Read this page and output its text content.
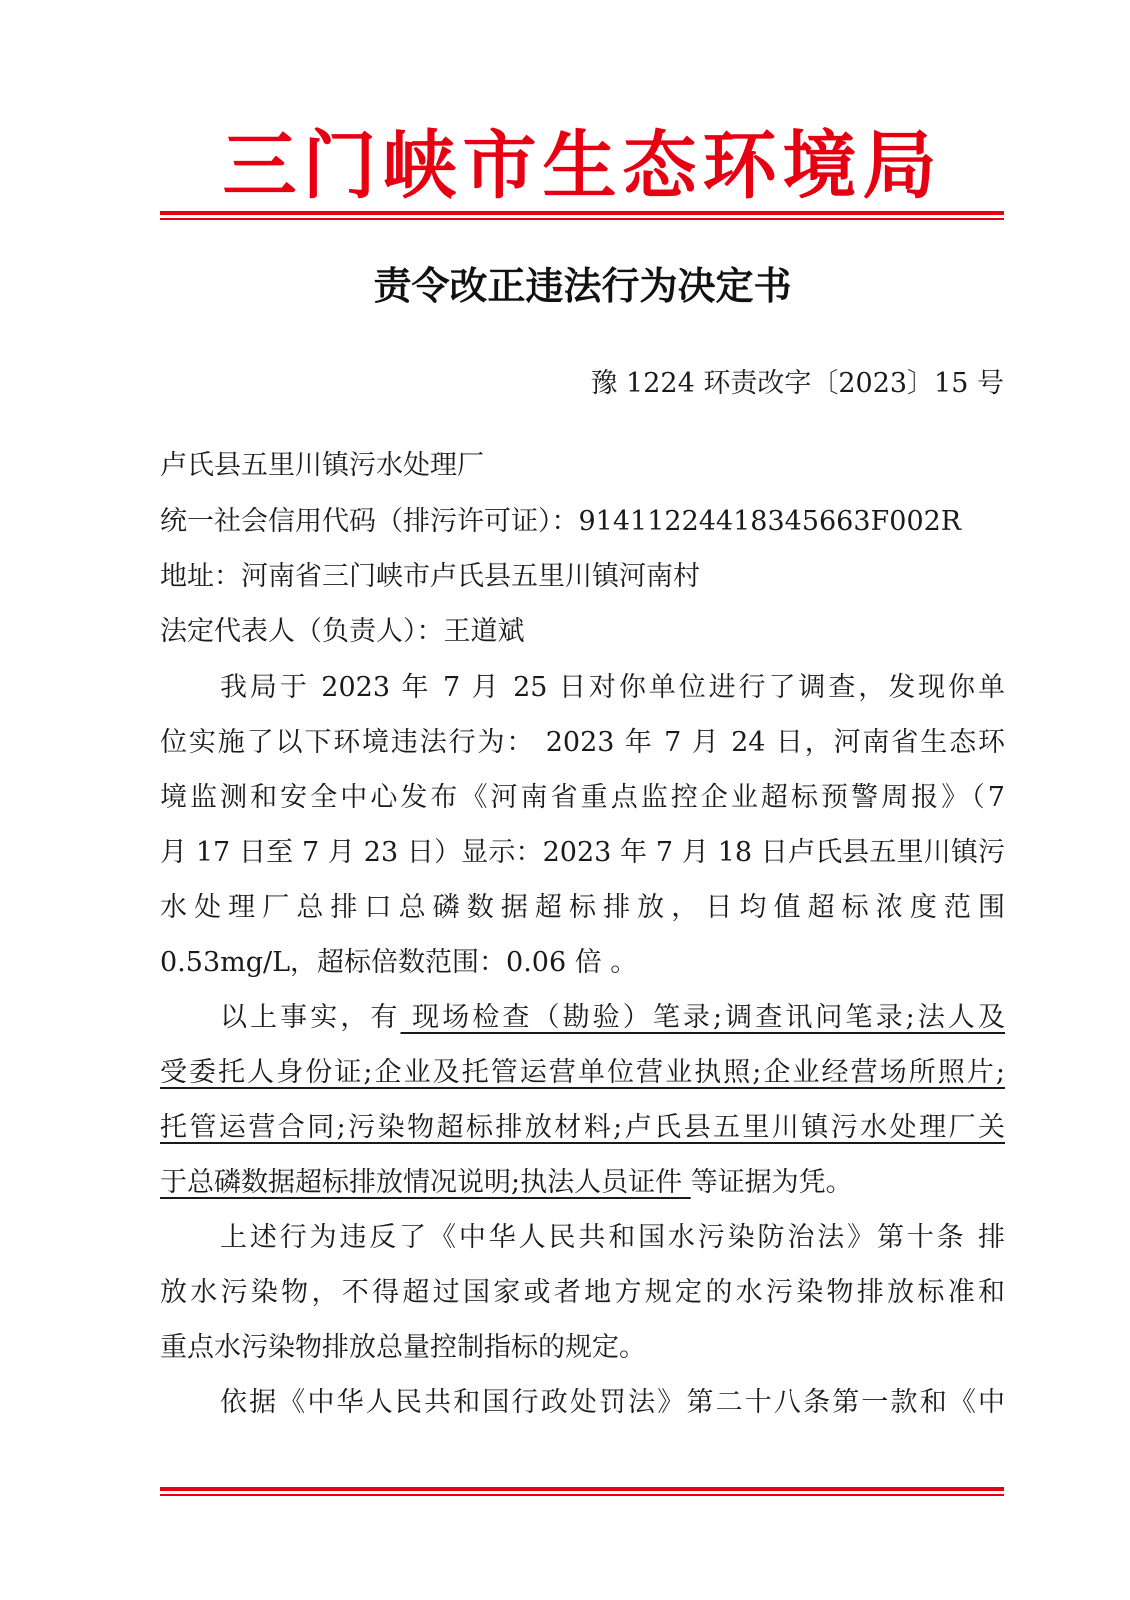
三门峡市生态环境局
责令改正违法行为决定书
豫 1224 环责改字〔2023〕15 号
卢氏县五里川镇污水处理厂
统一社会信用代码（排污许可证）：91411224418345663F002R
地址：河南省三门峡市卢氏县五里川镇河南村
法定代表人（负责人）：王道斌
我局于 2023 年 7 月 25 日对你单位进行了调查，发现你单
位实施了以下环境违法行为： 2023 年 7 月 24 日，河南省生态环
境监测和安全中心发布《河南省重点监控企业超标预警周报》（7
月 17 日至 7 月 23 日）显示：2023 年 7 月 18 日卢氏县五里川镇污
水处理厂总排口总磷数据超标排放，日均值超标浓度范围
0.53mg/L，超标倍数范围：0.06 倍 。
以上事实，有 现场检查（勘验）笔录;调查讯问笔录;法人及
受委托人身份证;企业及托管运营单位营业执照;企业经营场所照片;
托管运营合同;污染物超标排放材料;卢氏县五里川镇污水处理厂关
于总磷数据超标排放情况说明;执法人员证件 等证据为凭。
上述行为违反了《中华人民共和国水污染防治法》第十条 排
放水污染物，不得超过国家或者地方规定的水污染物排放标准和
重点水污染物排放总量控制指标的规定。
依据《中华人民共和国行政处罚法》第二十八条第一款和《中
